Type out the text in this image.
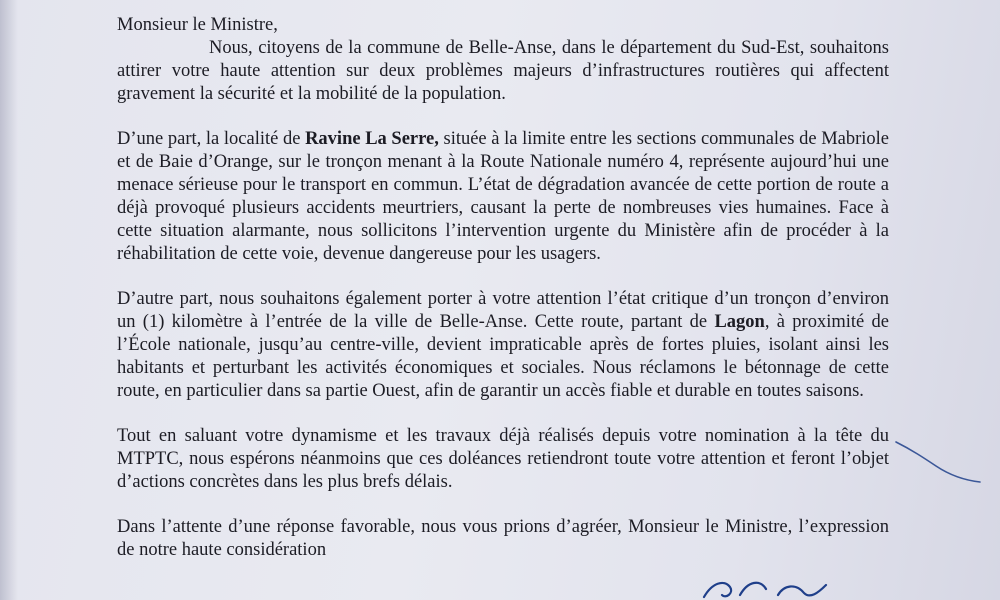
Monsieur le Ministre,

Nous, citoyens de la commune de Belle-Anse, dans le département du Sud-Est, souhaitons attirer votre haute attention sur deux problèmes majeurs d’infrastructures routières qui affectent gravement la sécurité et la mobilité de la population.

D’une part, la localité de Ravine La Serre, située à la limite entre les sections communales de Mabriole et de Baie d’Orange, sur le tronçon menant à la Route Nationale numéro 4, représente aujourd’hui une menace sérieuse pour le transport en commun. L’état de dégradation avancée de cette portion de route a déjà provoqué plusieurs accidents meurtriers, causant la perte de nombreuses vies humaines. Face à cette situation alarmante, nous sollicitons l’intervention urgente du Ministère afin de procéder à la réhabilitation de cette voie, devenue dangereuse pour les usagers.

D’autre part, nous souhaitons également porter à votre attention l’état critique d’un tronçon d’environ un (1) kilomètre à l’entrée de la ville de Belle-Anse. Cette route, partant de Lagon, à proximité de l’École nationale, jusqu’au centre-ville, devient impraticable après de fortes pluies, isolant ainsi les habitants et perturbant les activités économiques et sociales. Nous réclamons le bétonnage de cette route, en particulier dans sa partie Ouest, afin de garantir un accès fiable et durable en toutes saisons.

Tout en saluant votre dynamisme et les travaux déjà réalisés depuis votre nomination à la tête du MTPTC, nous espérons néanmoins que ces doléances retiendront toute votre attention et feront l’objet d’actions concrètes dans les plus brefs délais.

Dans l’attente d’une réponse favorable, nous vous prions d’agréer, Monsieur le Ministre, l’expression de notre haute considération
